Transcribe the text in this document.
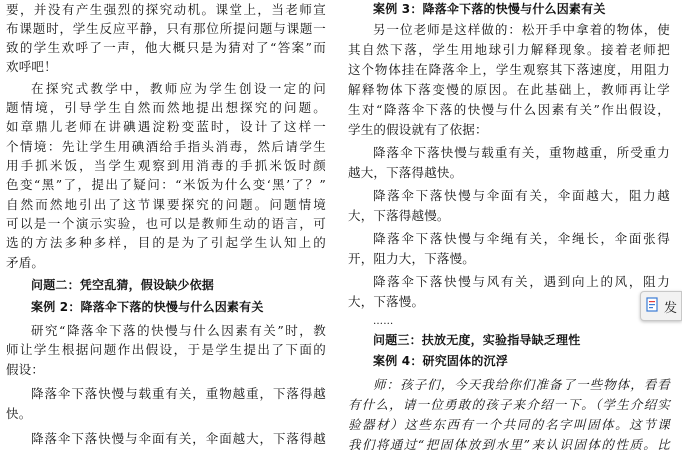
要，并没有产生强烈的探究动机。课堂上，当老师宣
布课题时，学生反应平静，只有那位所提问题与课题一
致的学生欢呼了一声，他大概只是为猜对了“答案”而
欢呼吧！
在探究式教学中，教师应为学生创设一定的问
题情境，引导学生自然而然地提出想探究的问题。
如章鼎儿老师在讲碘遇淀粉变蓝时，设计了这样一
个情境：先让学生用碘酒给手指头消毒，然后请学生
用手抓米饭，当学生观察到用消毒的手抓米饭时颜
色变“黑”了，提出了疑问：“米饭为什么变‘黑’了？”
自然而然地引出了这节课要探究的问题。问题情境
可以是一个演示实验，也可以是教师生动的语言，可
选的方法多种多样，目的是为了引起学生认知上的
矛盾。
问题二：凭空乱猜，假设缺少依据
案例 2：降落伞下落的快慢与什么因素有关
研究“降落伞下落的快慢与什么因素有关”时，教
师让学生根据问题作出假设，于是学生提出了下面的
假设：
降落伞下落快慢与载重有关，重物越重，下落得越
快。
降落伞下落快慢与伞面有关，伞面越大，下落得越
案例 3：降落伞下落的快慢与什么因素有关
另一位老师是这样做的：松开手中拿着的物体，使
其自然下落，学生用地球引力解释现象。接着老师把
这个物体挂在降落伞上，学生观察其下落速度，用阻力
解释物体下落变慢的原因。在此基础上，教师再让学
生对“降落伞下落的快慢与什么因素有关”作出假设，
学生的假设就有了依据：
降落伞下落快慢与载重有关，重物越重，所受重力
越大，下落得越快。
降落伞下落快慢与伞面有关，伞面越大，阻力越
大，下落得越慢。
降落伞下落快慢与伞绳有关，伞绳长，伞面张得
开，阻力大，下落慢。
降落伞下落快慢与风有关，遇到向上的风，阻力
大，下落慢。
……
问题三：扶放无度，实验指导缺乏理性
案例 4：研究固体的沉浮
师：孩子们，今天我给你们准备了一些物体，看看
有什么，请一位勇敢的孩子来介绍一下。（学生介绍实
验器材）这些东西有一个共同的名字叫固体。这节课
我们将通过“把固体放到水里”来认识固体的性质。比
发
